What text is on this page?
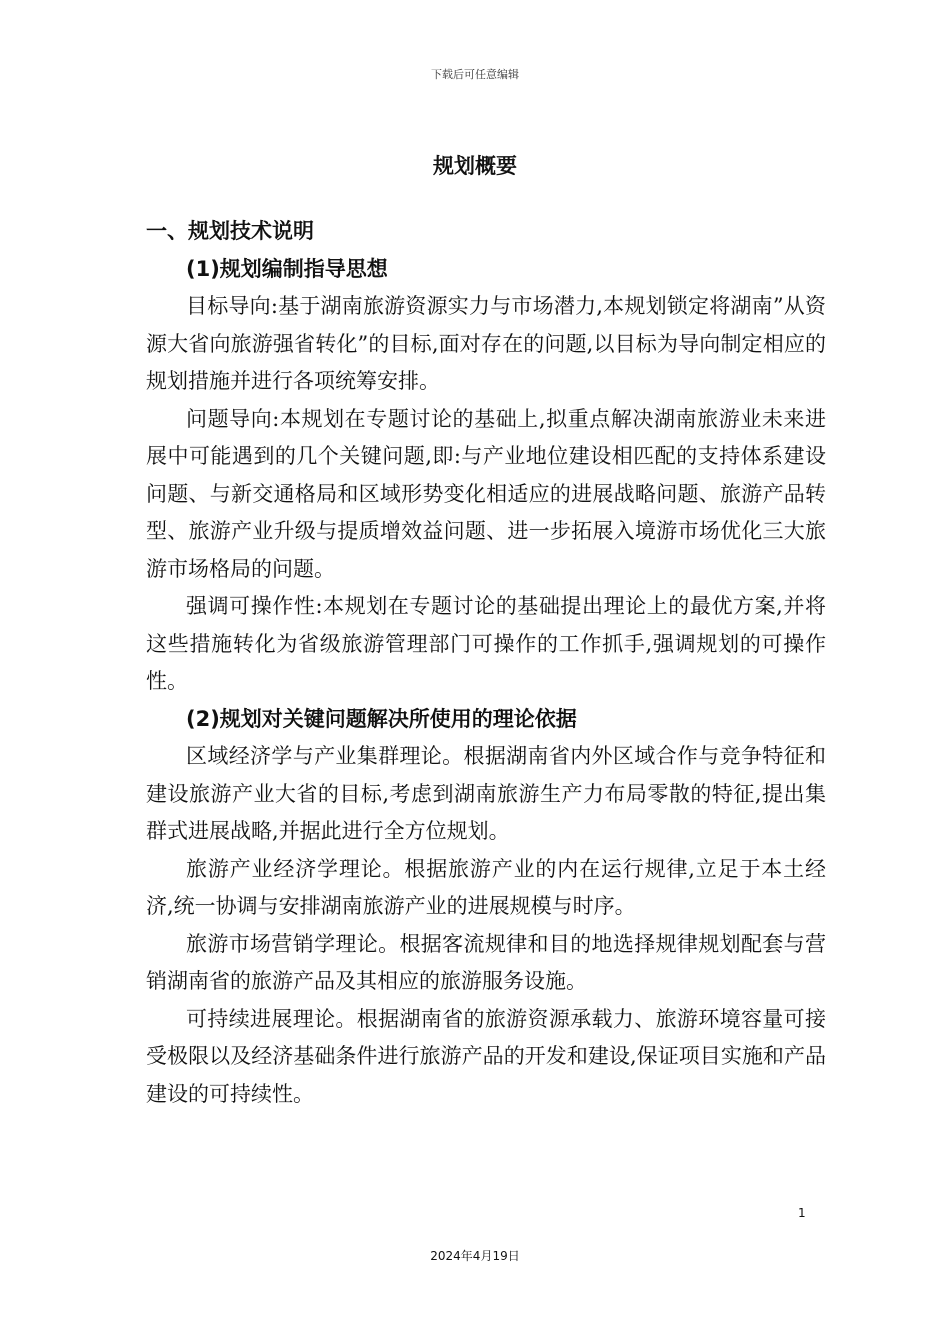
下载后可任意编辑
规划概要

一、规划技术说明

(1)规划编制指导思想

目标导向:基于湖南旅游资源实力与市场潜力,本规划锁定将湖南”从资源大省向旅游强省转化”的目标,面对存在的问题,以目标为导向制定相应的规划措施并进行各项统筹安排。

问题导向:本规划在专题讨论的基础上,拟重点解决湖南旅游业未来进展中可能遇到的几个关键问题,即:与产业地位建设相匹配的支持体系建设问题、与新交通格局和区域形势变化相适应的进展战略问题、旅游产品转型、旅游产业升级与提质增效益问题、进一步拓展入境游市场优化三大旅游市场格局的问题。

强调可操作性:本规划在专题讨论的基础提出理论上的最优方案,并将这些措施转化为省级旅游管理部门可操作的工作抓手,强调规划的可操作性。

(2)规划对关键问题解决所使用的理论依据

区域经济学与产业集群理论。根据湖南省内外区域合作与竞争特征和建设旅游产业大省的目标,考虑到湖南旅游生产力布局零散的特征,提出集群式进展战略,并据此进行全方位规划。

旅游产业经济学理论。根据旅游产业的内在运行规律,立足于本土经济,统一协调与安排湖南旅游产业的进展规模与时序。

旅游市场营销学理论。根据客流规律和目的地选择规律规划配套与营销湖南省的旅游产品及其相应的旅游服务设施。

可持续进展理论。根据湖南省的旅游资源承载力、旅游环境容量可接受极限以及经济基础条件进行旅游产品的开发和建设,保证项目实施和产品建设的可持续性。

1
2024年4月19日
